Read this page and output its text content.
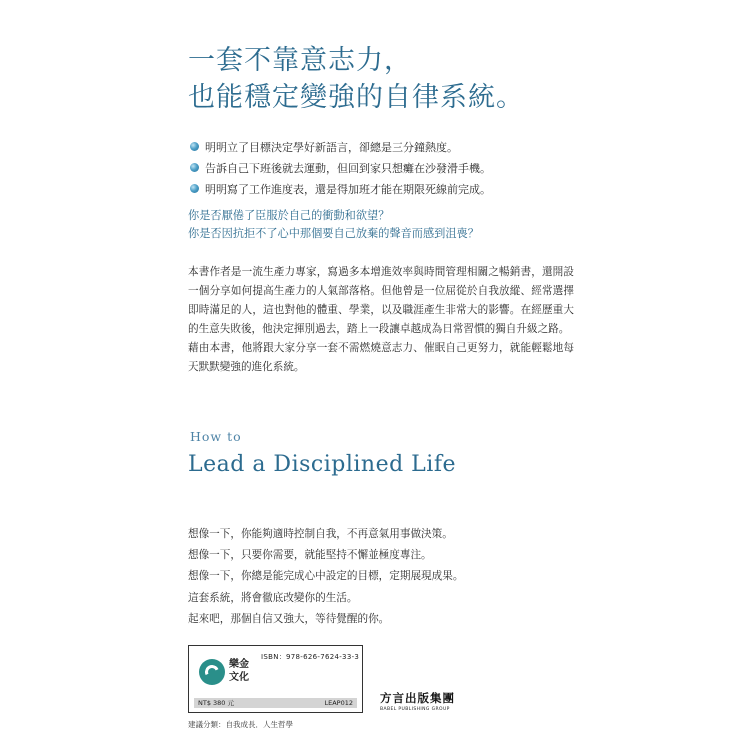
一套不靠意志力，
也能穩定變強的自律系統。
明明立了目標決定學好新語言，卻總是三分鐘熱度。
告訴自己下班後就去運動，但回到家只想癱在沙發滑手機。
明明寫了工作進度表，還是得加班才能在期限死線前完成。
你是否厭倦了臣服於自己的衝動和欲望？
你是否因抗拒不了心中那個要自己放棄的聲音而感到沮喪？

本書作者是一流生產力專家，寫過多本增進效率與時間管理相關之暢銷書，還開設一個分享如何提高生產力的人氣部落格。但他曾是一位屈從於自我放縱、經常選擇即時滿足的人，這也對他的體重、學業，以及職涯產生非常大的影響。在經歷重大的生意失敗後，他決定揮別過去，踏上一段讓卓越成為日常習慣的獨自升級之路。

藉由本書，他將跟大家分享一套不需燃燒意志力、催眠自己更努力，就能輕鬆地每天默默變強的進化系統。

How to
Lead a Disciplined Life
想像一下，你能夠適時控制自我，不再意氣用事做決策。
想像一下，只要你需要，就能堅持不懈並極度專注。
想像一下，你總是能完成心中設定的目標，定期展現成果。
這套系統，將會徹底改變你的生活。
起來吧，那個自信又強大，等待覺醒的你。
樂金
文化
ISBN：978-626-7624-33-3
NT$ 380 元	LEAP012
建議分類：自我成長．人生哲學
方言出版集團
BABEL PUBLISHING GROUP
